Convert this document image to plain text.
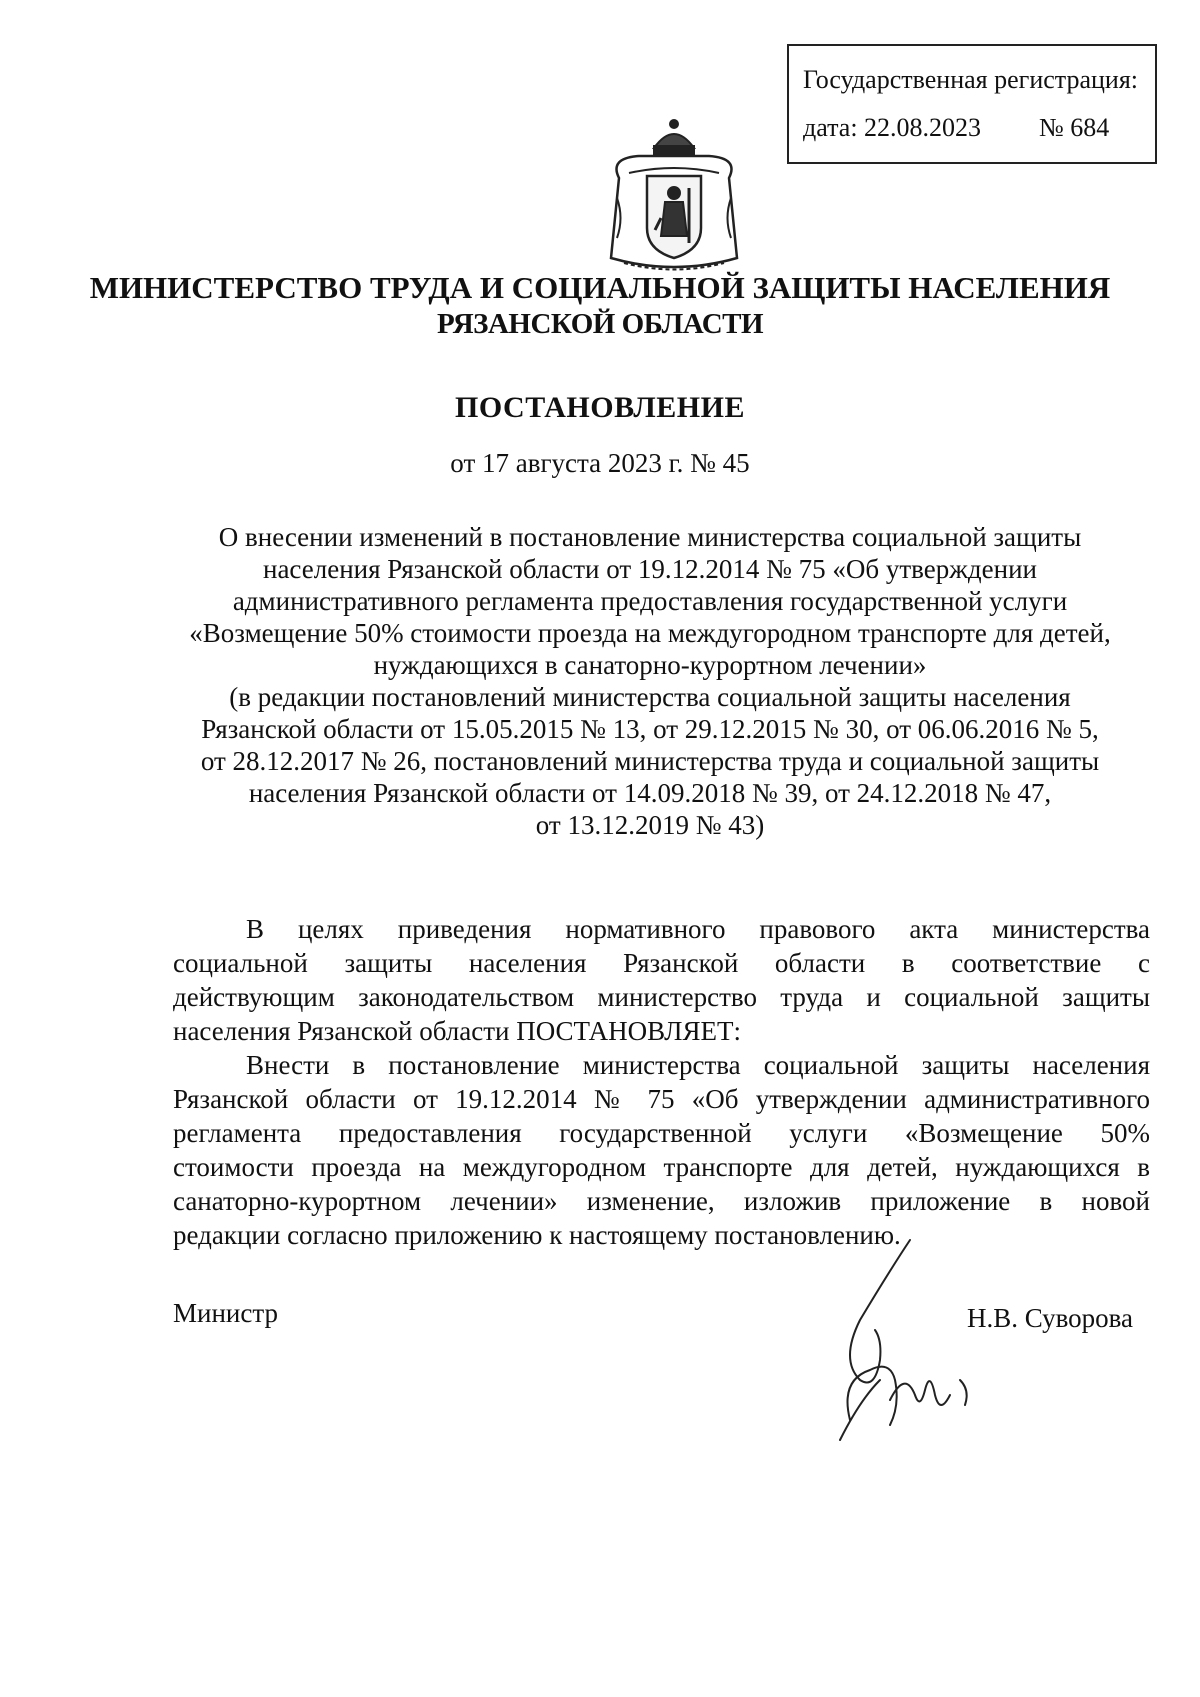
Государственная регистрация:
дата: 22.08.2023 № 684
МИНИСТЕРСТВО ТРУДА И СОЦИАЛЬНОЙ ЗАЩИТЫ НАСЕЛЕНИЯ
РЯЗАНСКОЙ ОБЛАСТИ
ПОСТАНОВЛЕНИЕ
от 17 августа 2023 г. № 45
О внесении изменений в постановление министерства социальной защиты
населения Рязанской области от 19.12.2014 № 75 «Об утверждении
административного регламента предоставления государственной услуги
«Возмещение 50% стоимости проезда на междугородном транспорте для детей,
нуждающихся в санаторно-курортном лечении»
(в редакции постановлений министерства социальной защиты населения
Рязанской области от 15.05.2015 № 13, от 29.12.2015 № 30, от 06.06.2016 № 5,
от 28.12.2017 № 26, постановлений министерства труда и социальной защиты
населения Рязанской области от 14.09.2018 № 39, от 24.12.2018 № 47,
от 13.12.2019 № 43)
В целях приведения нормативного правового акта министерства
социальной защиты населения Рязанской области в соответствие с
действующим законодательством министерство труда и социальной защиты
населения Рязанской области ПОСТАНОВЛЯЕТ:
Внести в постановление министерства социальной защиты населения
Рязанской области от 19.12.2014 № 75 «Об утверждении административного
регламента предоставления государственной услуги «Возмещение 50%
стоимости проезда на междугородном транспорте для детей, нуждающихся в
санаторно-курортном лечении» изменение, изложив приложение в новой
редакции согласно приложению к настоящему постановлению.
Министр	Н.В. Суворова
